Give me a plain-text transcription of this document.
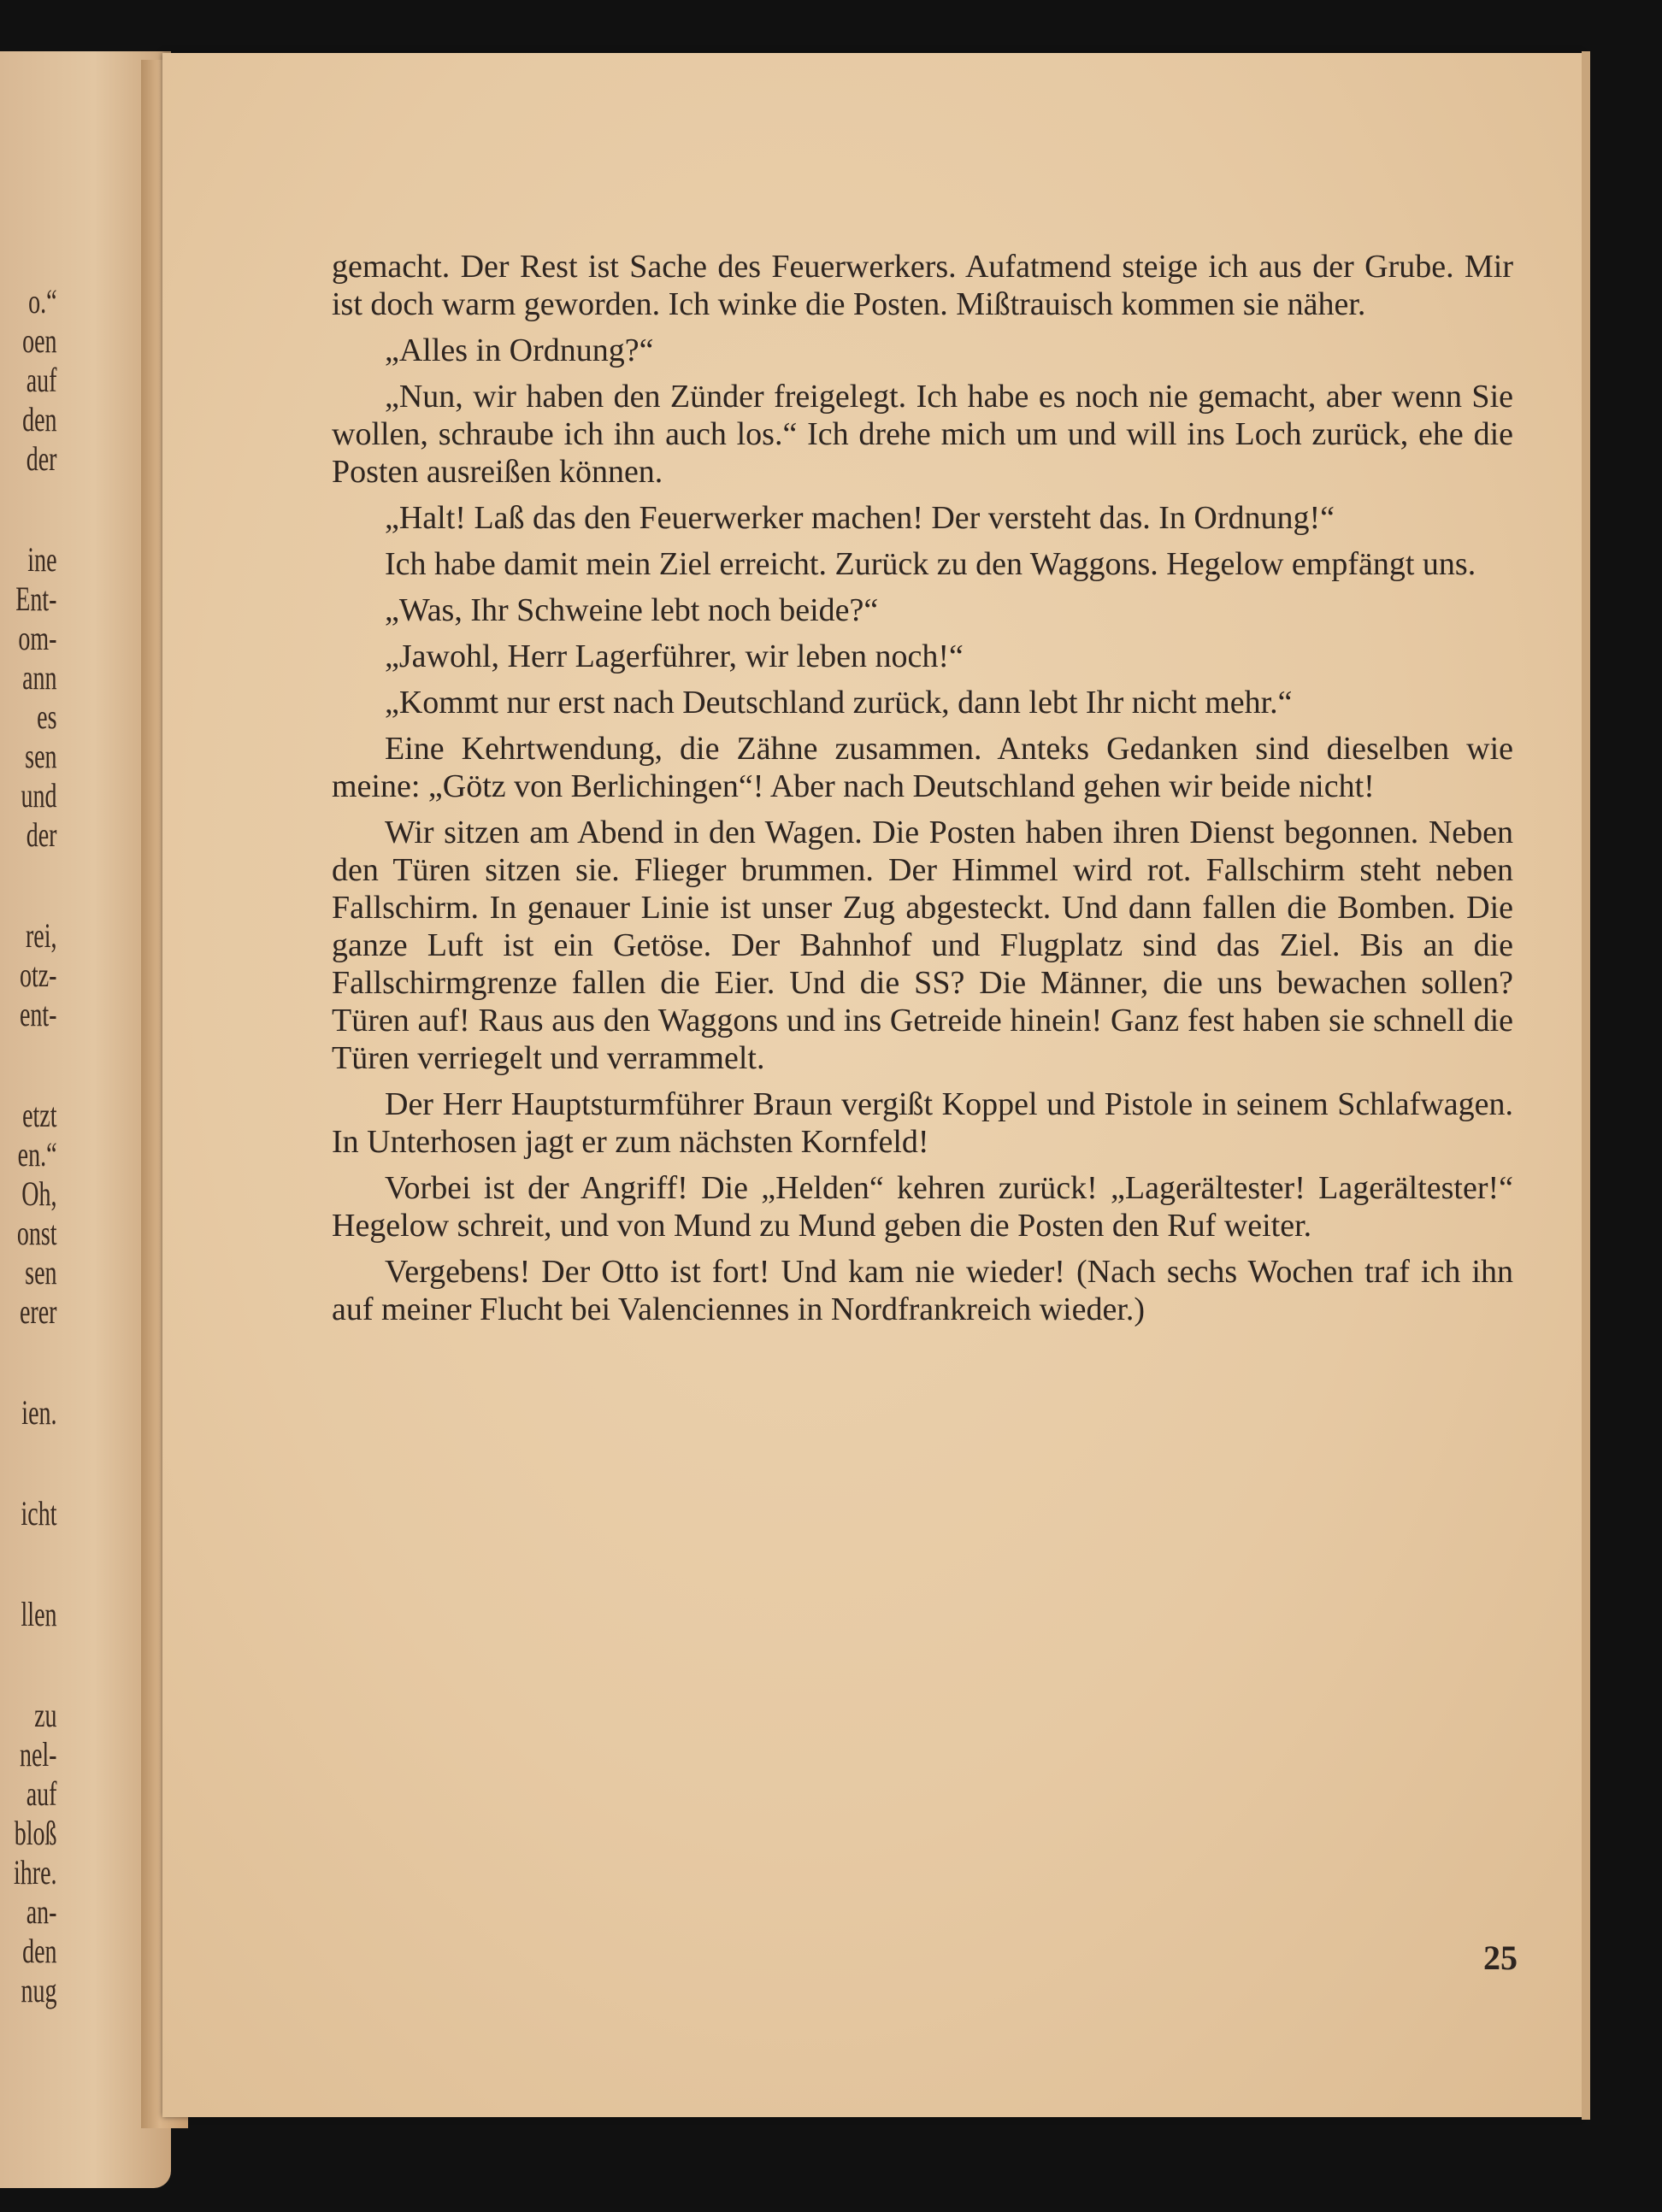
o.“
oen
auf
den
der
ine
Ent-
om-
ann
es
sen
und
der
rei,
otz-
ent-
etzt
en.“
Oh,
onst
sen
erer
ien.
icht
llen
zu
nel-
auf
bloß
ihre.
an-
den
nug

gemacht. Der Rest ist Sache des Feuerwerkers. Aufatmend steige ich aus der Grube. Mir ist doch warm geworden. Ich winke die Posten. Mißtrauisch kommen sie näher.

„Alles in Ordnung?“

„Nun, wir haben den Zünder freigelegt. Ich habe es noch nie gemacht, aber wenn Sie wollen, schraube ich ihn auch los.“ Ich drehe mich um und will ins Loch zurück, ehe die Posten ausreißen können.

„Halt! Laß das den Feuerwerker machen! Der versteht das. In Ordnung!“

Ich habe damit mein Ziel erreicht. Zurück zu den Waggons. Hegelow empfängt uns.

„Was, Ihr Schweine lebt noch beide?“

„Jawohl, Herr Lagerführer, wir leben noch!“

„Kommt nur erst nach Deutschland zurück, dann lebt Ihr nicht mehr.“

Eine Kehrtwendung, die Zähne zusammen. Anteks Gedanken sind dieselben wie meine: „Götz von Berlichingen“! Aber nach Deutschland gehen wir beide nicht!

Wir sitzen am Abend in den Wagen. Die Posten haben ihren Dienst begonnen. Neben den Türen sitzen sie. Flieger brummen. Der Himmel wird rot. Fallschirm steht neben Fallschirm. In genauer Linie ist unser Zug abgesteckt. Und dann fallen die Bomben. Die ganze Luft ist ein Getöse. Der Bahnhof und Flugplatz sind das Ziel. Bis an die Fallschirmgrenze fallen die Eier. Und die SS? Die Männer, die uns bewachen sollen? Türen auf! Raus aus den Waggons und ins Getreide hinein! Ganz fest haben sie schnell die Türen verriegelt und verrammelt.

Der Herr Hauptsturmführer Braun vergißt Koppel und Pistole in seinem Schlafwagen. In Unterhosen jagt er zum nächsten Kornfeld!

Vorbei ist der Angriff! Die „Helden“ kehren zurück! „Lagerältester! Lagerältester!“ Hegelow schreit, und von Mund zu Mund geben die Posten den Ruf weiter.

Vergebens! Der Otto ist fort! Und kam nie wieder! (Nach sechs Wochen traf ich ihn auf meiner Flucht bei Valenciennes in Nordfrankreich wieder.)

25
